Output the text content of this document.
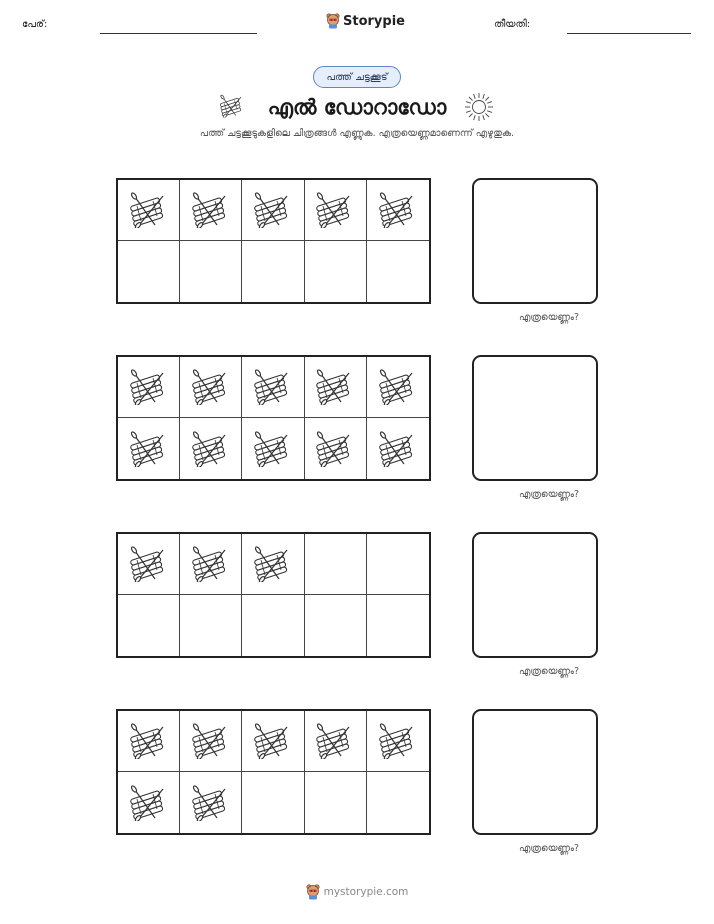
പേര്:	Storypie	തീയതി:
പത്ത് ചട്ടക്കൂട്
എൽ ഡോറാഡോ
പത്ത് ചട്ടക്കൂടുകളിലെ ചിത്രങ്ങൾ എണ്ണുക. എത്രയെണ്ണമാണെന്ന് എഴുതുക.
എത്രയെണ്ണം?
എത്രയെണ്ണം?
എത്രയെണ്ണം?
എത്രയെണ്ണം?
mystorypie.com
